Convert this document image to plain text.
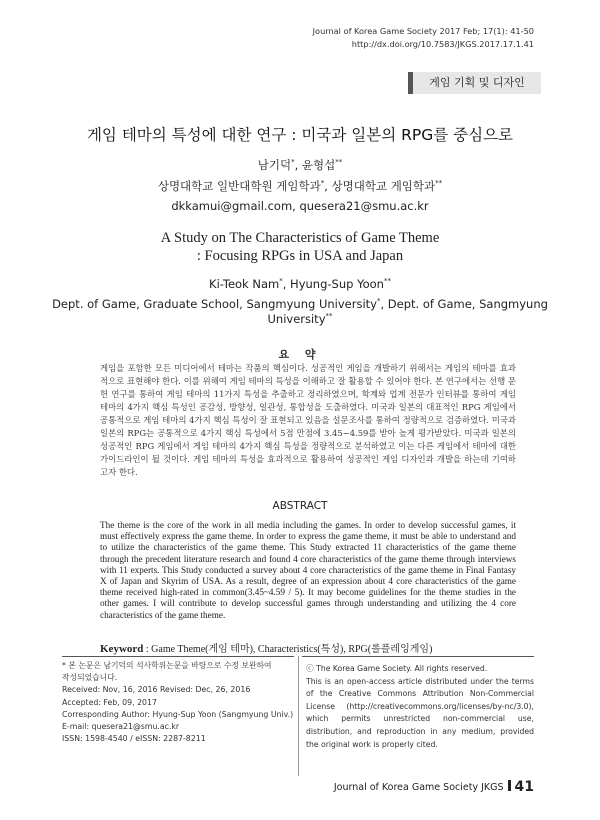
Journal of Korea Game Society 2017 Feb; 17(1): 41-50
http://dx.doi.org/10.7583/JKGS.2017.17.1.41
게임 기획 및 디자인
게임 테마의 특성에 대한 연구 : 미국과 일본의 RPG를 중심으로
남기덕*, 윤형섭**
상명대학교 일반대학원 게임학과*, 상명대학교 게임학과**
dkkamui@gmail.com, quesera21@smu.ac.kr
A Study on The Characteristics of Game Theme
: Focusing RPGs in USA and Japan
Ki-Teok Nam*, Hyung-Sup Yoon**
Dept. of Game, Graduate School, Sangmyung University*, Dept. of Game, Sangmyung
University**
요 약
게임을 포함한 모든 미디어에서 테마는 작품의 핵심이다. 성공적인 게임을 개발하기 위해서는 게임의 테마를 효과적으로 표현해야 한다. 이를 위해여 게임 테마의 특성을 이해하고 잘 활용할 수 있어야 한다. 본 연구에서는 선행 문헌 연구를 통하여 게임 테마의 11가지 특성을 추출하고 정리하였으며, 학계와 업계 전문가 인터뷰를 통하여 게임 테마의 4가지 핵심 특성인 공감성, 방향성, 일관성, 통합성을 도출하였다. 미국과 일본의 대표적인 RPG 게임에서 공통적으로 게임 테마의 4가지 핵심 특성이 잘 표현되고 있음을 설문조사를 통하여 정량적으로 검증하였다. 미국과 일본의 RPG는 공통적으로 4가지 핵심 특성에서 5점 만점에 3.45~4.59를 받아 높게 평가받았다. 미국과 일본의 성공적인 RPG 게임에서 게임 테마의 4가지 핵심 특성을 정량적으로 분석하였고 이는 다른 게임에서 테마에 대한 가이드라인이 될 것이다. 게임 테마의 특성을 효과적으로 활용하여 성공적인 게임 디자인과 개발을 하는데 기여하고자 한다.
ABSTRACT
The theme is the core of the work in all media including the games. In order to develop successful games, it must effectively express the game theme. In order to express the game theme, it must be able to understand and to utilize the characteristics of the game theme. This Study extracted 11 characteristics of the game theme through the precedent literature research and found 4 core characteristics of the game theme through interviews with 11 experts. This Study conducted a survey about 4 core characteristics of the game theme in Final Fantasy X of Japan and Skyrim of USA. As a result, degree of an expression about 4 core characteristics of the game theme received high-rated in common(3.45~4.59 / 5). It may become guidelines for the theme studies in the other games. I will contribute to develop successful games through understanding and utilizing the 4 core characteristics of the game theme.
Keyword : Game Theme(게임 테마), Characteristics(특성), RPG(롤플레잉게임)
* 본 논문은 남기덕의 석사학위논문을 바탕으로 수정 보완하여
작성되었습니다.
Received: Nov, 16, 2016 Revised: Dec, 26, 2016
Accepted: Feb, 09, 2017
Corresponding Author: Hyung-Sup Yoon (Sangmyung Univ.)
E-mail: quesera21@smu.ac.kr
ISSN: 1598-4540 / eISSN: 2287-8211
ⓒ The Korea Game Society. All rights reserved.
This is an open-access article distributed under the terms of the Creative Commons Attribution Non-Commercial License (http://creativecommons.org/licenses/by-nc/3.0), which permits unrestricted non-commercial use, distribution, and reproduction in any medium, provided the original work is properly cited.
Journal of Korea Game Society JKGS 41
